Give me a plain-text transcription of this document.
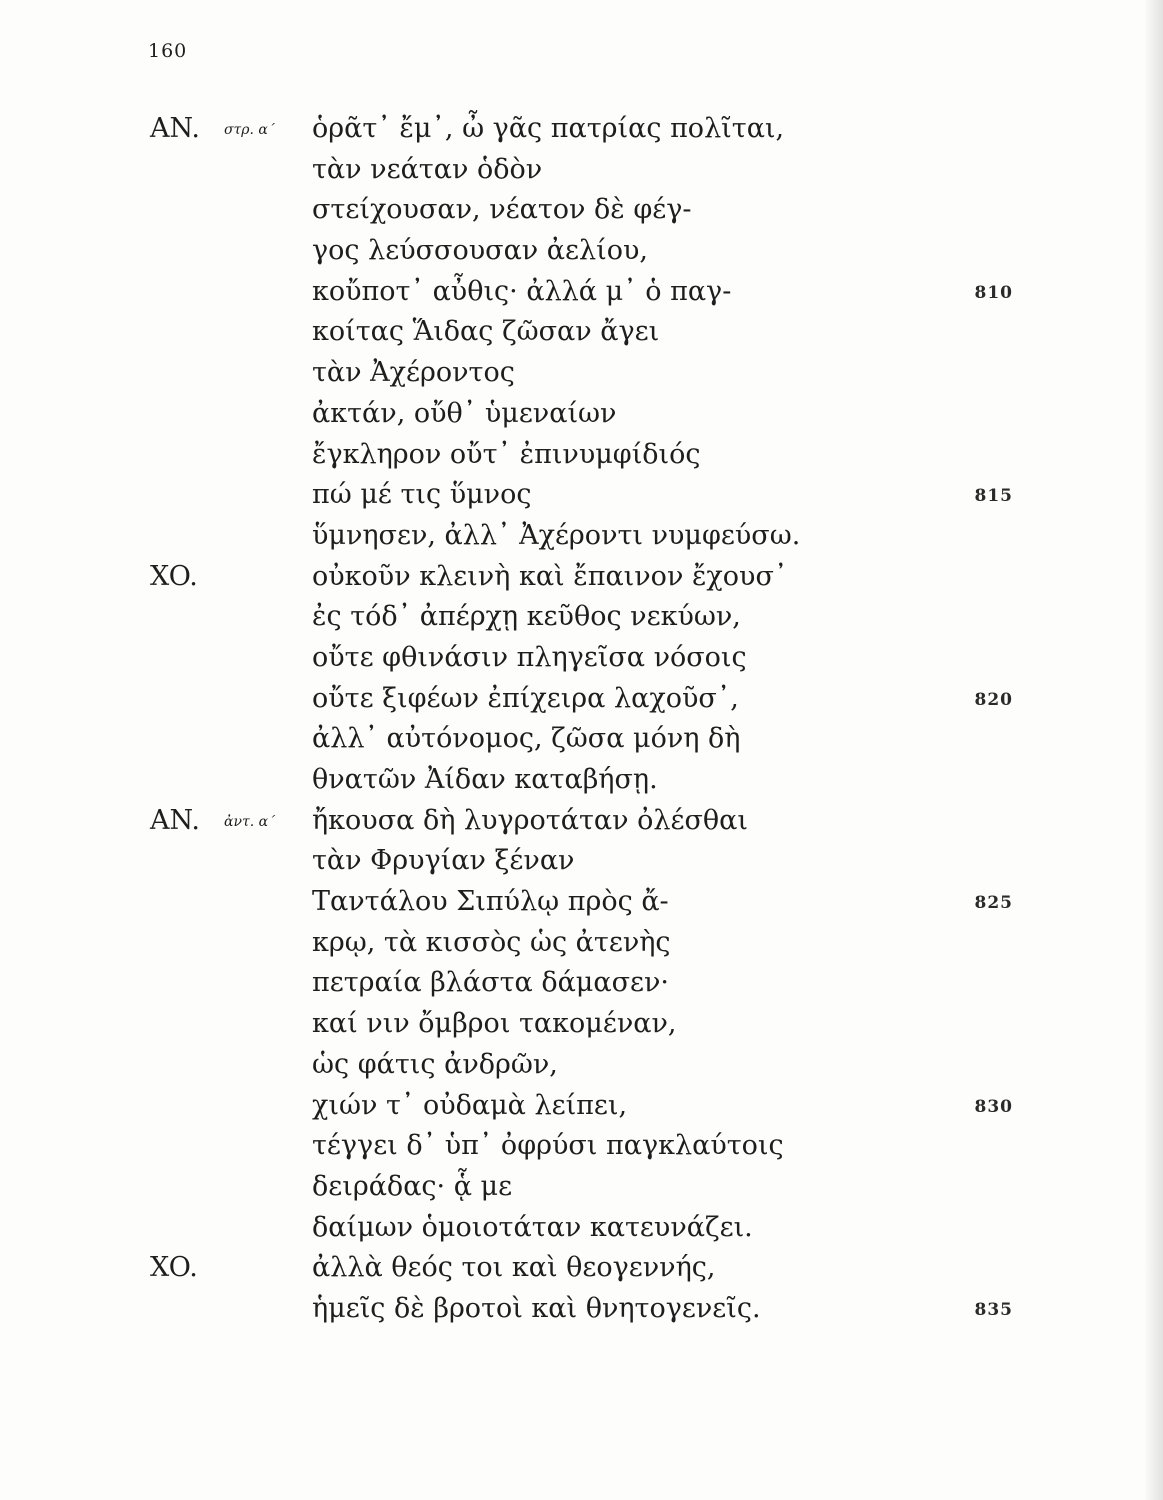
160
AN. στρ. α΄ ὁρᾶτ᾽ ἔμ᾽, ὦ γᾶς πατρίας πολῖται,
τὰν νεάταν ὁδὸν
στείχουσαν, νέατον δὲ φέγ-
γος λεύσσουσαν ἀελίου,
κοὔποτ᾽ αὖθις· ἀλλά μ᾽ ὁ παγ-	810
κοίτας Ἅιδας ζῶσαν ἄγει
τὰν Ἀχέροντος
ἀκτάν, οὔθ᾽ ὑμεναίων
ἔγκληρον οὔτ᾽ ἐπινυμφίδιός
πώ μέ τις ὕμνος	815
ὕμνησεν, ἀλλ᾽ Ἀχέροντι νυμφεύσω.
XO.	οὐκοῦν κλεινὴ καὶ ἔπαινον ἔχουσ᾽
ἐς τόδ᾽ ἀπέρχῃ κεῦθος νεκύων,
οὔτε φθινάσιν πληγεῖσα νόσοις
οὔτε ξιφέων ἐπίχειρα λαχοῦσ᾽,	820
ἀλλ᾽ αὐτόνομος, ζῶσα μόνη δὴ
θνατῶν Ἀίδαν καταβήσῃ.
AN. ἀντ. α΄ ἤκουσα δὴ λυγροτάταν ὀλέσθαι
τὰν Φρυγίαν ξέναν
Ταντάλου Σιπύλῳ πρὸς ἄ-	825
κρῳ, τὰ κισσὸς ὡς ἀτενὴς
πετραία βλάστα δάμασεν·
καί νιν ὄμβροι τακομέναν,
ὡς φάτις ἀνδρῶν,
χιών τ᾽ οὐδαμὰ λείπει,	830
τέγγει δ᾽ ὑπ᾽ ὀφρύσι παγκλαύτοις
δειράδας· ᾇ με
δαίμων ὁμοιοτάταν κατευνάζει.
XO.	ἀλλὰ θεός τοι καὶ θεογεννής,
ἡμεῖς δὲ βροτοὶ καὶ θνητογενεῖς.	835
